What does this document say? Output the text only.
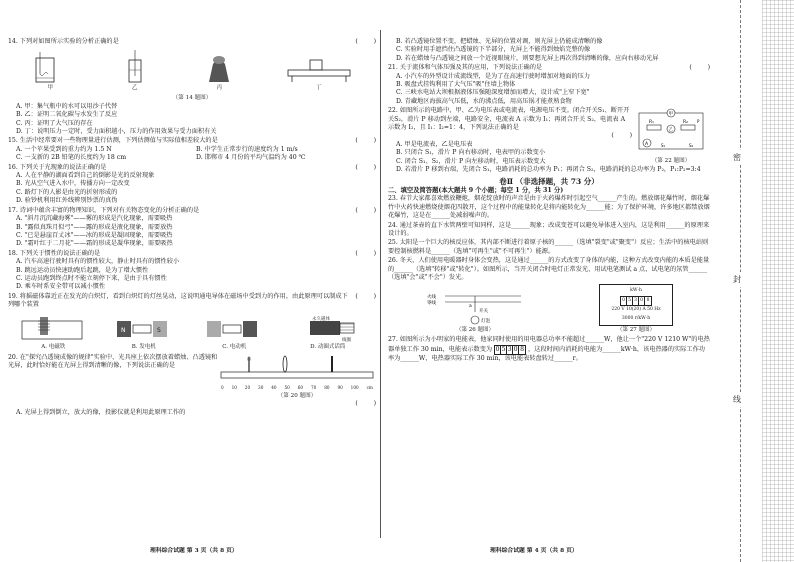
14. 下列对如图所示实验的分析正确的是	(        )
甲	乙	丙	丁
（第 14 题图）
A. 甲：集气瓶中的水可以用沙子代替
B. 乙：证明二氧化碳与水发生了反应
C. 丙：证明了大气压的存在
D. 丁：说明压力一定时，受力面积越小，压力的作用效果与受力面积有关
15. 生活中经常要对一些物理量进行估测，下列估测值与实际值相差较大的是	(        )
A. 一个苹果受到的重力约为 1.5 N	B. 中学生正常步行的速度约为 1 m/s
C. 一支新的 2B 铅笔的长度约为 18 cm	D. 邯郸市 4 月份的平均气温约为 40 ℃
16. 下列关于光现象的说法正确的是	(        )
A. 人在平静的湖面看到自己的倒影是光的反射现象
B. 光从空气进入水中，传播方向一定改变
C. 路灯下的人影是由光的折射形成的
D. 验钞机利用红外线辨别钞票的真伪
17. 诗词中蕴含丰富的物理知识，下列对有关物态变化的分析正确的是	(        )
A. "斜月沉沉藏海雾"——雾的形成是汽化现象，需要吸热
B. "露似真珠月似弓"——露的形成是液化现象，需要放热
C. "已是悬崖百丈冰"——冰的形成是凝固现象，需要吸热
D. "霜叶红于二月花"——霜的形成是凝华现象，需要吸热
18. 下列关于惯性的说法正确的是	(        )
A. 汽车高速行驶时具有的惯性较大，静止时具有的惯性较小
B. 跳远运动员快速助跑后起跳，是为了增大惯性
C. 运动员跑到终点时不能立刻停下来，是由于具有惯性
D. 乘车时系安全带可以减小惯性
19. 将摇磁体靠近正在发光的白炽灯，看到白炽灯的灯丝晃动，这说明通电导体在磁场中受到力的作用，由此原理可以制成下列哪个装置
(        )
A. 电磁铁
N	S
B. 发电机	C. 电动机
永久磁体
线圈
D. 动圈式话筒
20. 在"探究凸透镜成像的规律"实验中，光具座上依次摆放着蜡烛、凸透镜和光屏，此时恰好能在光屏上得到清晰的像，下列说法正确的是
0 10 20 30 40 50 60 70 80 90 100 cm
（第 20 题图）
(        )
A. 光屏上得到倒立，放大的像，投影仪就是利用此原理工作的
理科综合试题 第 3 页（共 8 页）
B. 若凸透镜位置不变，把蜡烛、光屏的位置对调，则光屏上仍能成清晰的像
C. 实验时用手遮挡住凸透镜的下半部分，光屏上不能得到烛焰完整的像
D. 若在蜡烛与凸透镜之间放一个近视眼镜片，则要想光屏上再次得到清晰的像，应向右移动光屏
21. 关于流体和气体压强及其的应用，下列说法正确的是	(        )
A. 小汽车的外型设计成流线型，是为了在高速行驶时增加对地面的压力
B. 吸盘式挂钩利用了大气压"吸"住墙上物体
C. 三峡水电站大坝根据液体压强随深度增加而增大，设计成"上窄下宽"
D. 青藏地区海拔高气压低，水的沸点低，用高压锅才能煮熟食物
22. 如图所示的电路中，甲、乙为电压表或电流表，电源电压不变。闭合开关S₁、断开开关S₂，滑片 P 移动到左端，电路安全，电流表 A 示数为 I₁；再闭合开关 S₂，电流表 A 示数为 I₂，且 I₁：I₂=1：4，下列说法正确的是
(        )
A. 甲是电流表，乙是电压表
B. 只闭合 S₁，滑片 P 向右移动时，电表甲的示数变小
C. 闭合 S₁、S₂，滑片 P 向左移动时，电压表示数变大
甲
R₁	R₂
乙
A	S₁	S₂
P
（第 22 题图）
D. 若滑片 P 移到右端，先闭合 S₁，电路消耗的总功率为 P₁；再闭合 S₂，电路消耗的总功率为 P₂，P₁:P₂=3:4
卷Ⅱ （非选择题，共 73 分）
二、填空及简答题(本大题共 9 个小题；每空 1 分，共 31 分)
23. 春节大家都喜欢燃放鞭炮，烟花绽放时的声音是由于火药爆炸时引起空气______产生的。燃放烟花爆竹时，烟花爆竹中火药快速燃烧使烟花四散开，这个过程中的能量转化是将内能转化为______能；为了保护环境，许多地区都禁放烟花爆竹，这是在______处减弱噪声的。
24. 通过茶壶的直下水管两壁可知同样，这是______现象；改成变苍可以避免导体进入室内，这是利用______的原理来设计的。
25. 太阳是一个巨大的核反应体，其内部不断进行着原子核的______（选填"裂变"或"聚变"）反应；生活中的核电站则要控制核燃料是______（选填"可再生"或"不可再生"）能源。
26. 冬天，人们使用电暖器时身体会变热，这是通过______的方式改变了身体的内能，这种方式改变内能的本质是能量的______（选填"转移"或"转化"）。如图所示，当开关闭合时电灯正常发光，用试电笔测试 a 点，试电笔的氖管______（选填"会"或"不会"）发光。
火线
零线
开关
灯泡
a
（第 26 题图）
kW·h
0 5 3 0 8
220 V 10(20) A 50 Hz
3000 r/kW·h
（第 27 题图）
27. 如图所示为小明家的电能表，他家同时使用的用电器总功率不能超过______W，他让一个"220 V 1210 W"的电热器单独工作 30 min，电能表示数变为 0 5 3 0 8 ，这段时间内消耗的电能为______kW·h，该电热器的实际工作功率为______W，电热器实际工作 30 min，该电能表转盘转过______r。
理科综合试题 第 4 页（共 8 页）
密
封
线
